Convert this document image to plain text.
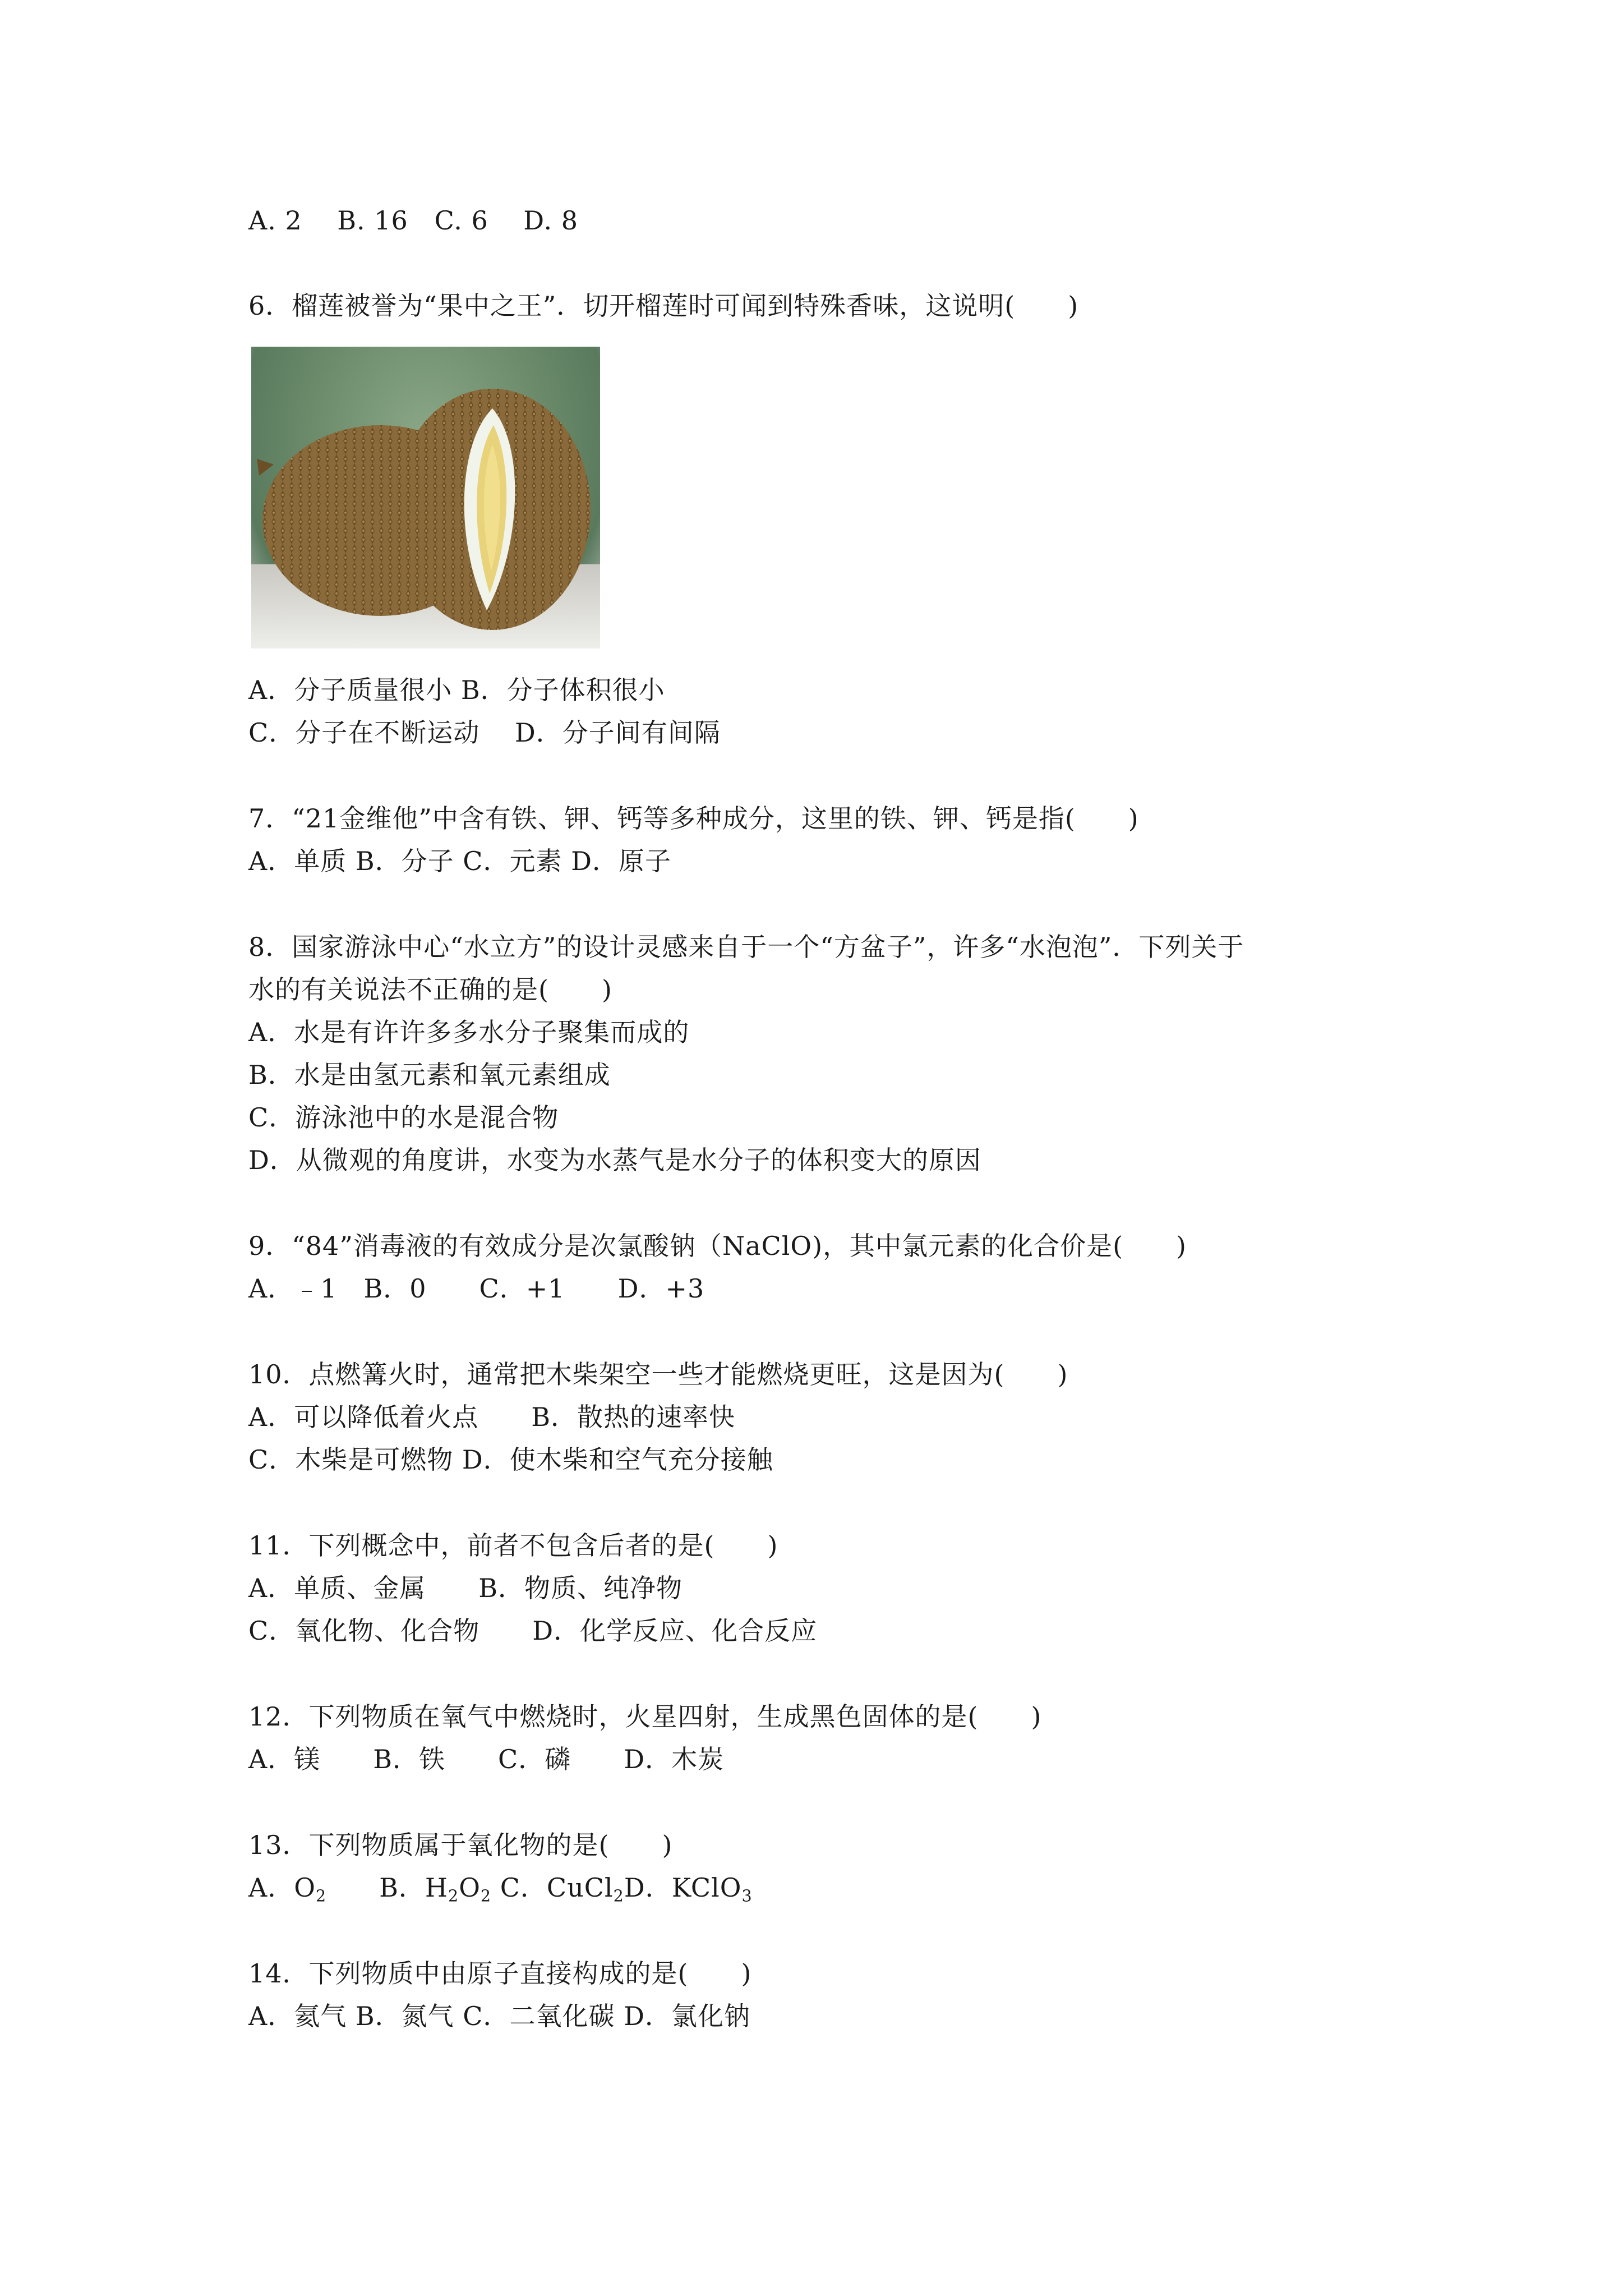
A. 2    B. 16   C. 6    D. 8
6．榴莲被誉为“果中之王”．切开榴莲时可闻到特殊香味，这说明(　　)
A．分子质量很小 B．分子体积很小
C．分子在不断运动　 D．分子间有间隔
7．“21金维他”中含有铁、钾、钙等多种成分，这里的铁、钾、钙是指(　　)
A．单质 B．分子 C．元素 D．原子
8．国家游泳中心“水立方”的设计灵感来自于一个“方盆子”，许多“水泡泡”．下列关于
水的有关说法不正确的是(　　)
A．水是有许许多多水分子聚集而成的
B．水是由氢元素和氧元素组成
C．游泳池中的水是混合物
D．从微观的角度讲，水变为水蒸气是水分子的体积变大的原因
9．“84”消毒液的有效成分是次氯酸钠（NaClO)，其中氯元素的化合价是(　　)
A．﹣1　B．0　　C．+1　　D．+3
10．点燃篝火时，通常把木柴架空一些才能燃烧更旺，这是因为(　　)
A．可以降低着火点　　B．散热的速率快
C．木柴是可燃物 D．使木柴和空气充分接触
11．下列概念中，前者不包含后者的是(　　)
A．单质、金属　　B．物质、纯净物
C．氧化物、化合物　　D．化学反应、化合反应
12．下列物质在氧气中燃烧时，火星四射，生成黑色固体的是(　　)
A．镁　　B．铁　　C．磷　　D．木炭
13．下列物质属于氧化物的是(　　)
A．$O_2$　　 B．$H_2O_2$ C．CuCl$_2$D．KClO$_3$
14．下列物质中由原子直接构成的是(　　)
A．氦气 B．氮气 C．二氧化碳 D．氯化钠
